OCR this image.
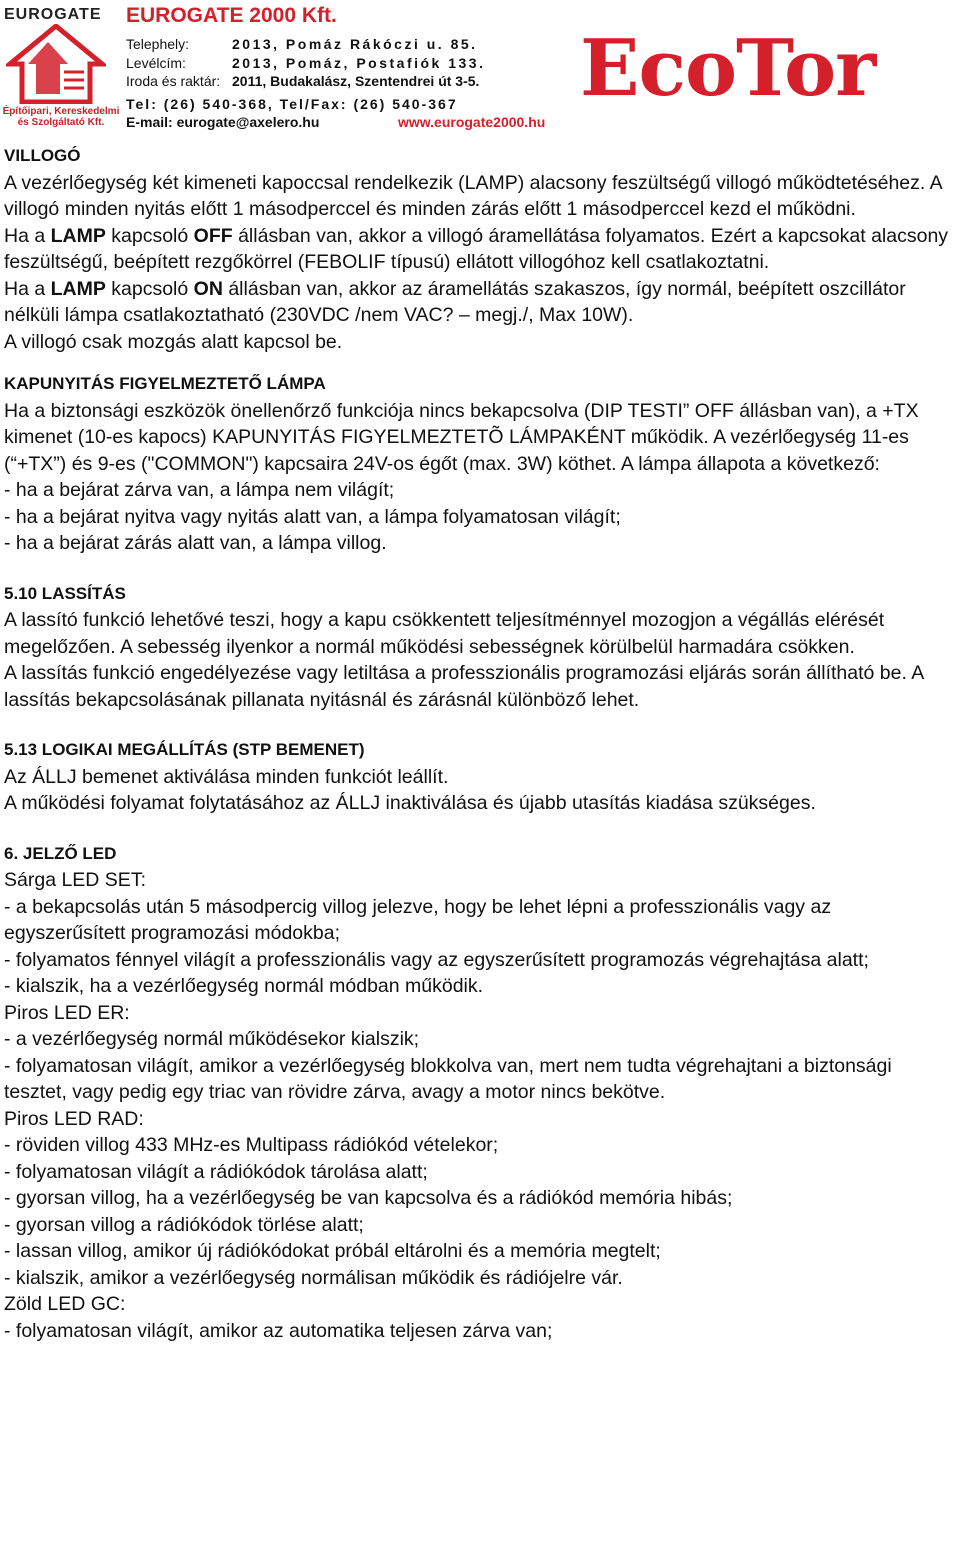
EUROGATE
Építőipari, Kereskedelmi
és Szolgáltató Kft.
EUROGATE 2000 Kft.
Telephely:	2013, Pomáz Rákóczi u. 85.
Levélcím:	2013, Pomáz, Postafiók 133.
Iroda és raktár: 2011, Budakalász, Szentendrei út 3-5.
Tel: (26) 540-368, Tel/Fax: (26) 540-367
E-mail: eurogate@axelero.hu	www.eurogate2000.hu
EcoTor
VILLOGÓ

A vezérlőegység két kimeneti kapoccsal rendelkezik (LAMP) alacsony feszültségű villogó működtetéséhez. A villogó minden nyitás előtt 1 másodperccel és minden zárás előtt 1 másodperccel kezd el működni.

Ha a LAMP kapcsoló OFF állásban van, akkor a villogó áramellátása folyamatos. Ezért a kapcsokat alacsony feszültségű, beépített rezgőkörrel (FEBOLIF típusú) ellátott villogóhoz kell csatlakoztatni.

Ha a LAMP kapcsoló ON állásban van, akkor az áramellátás szakaszos, így normál, beépített oszcillátor nélküli lámpa csatlakoztatható (230VDC /nem VAC? – megj./, Max 10W).

A villogó csak mozgás alatt kapcsol be.

KAPUNYITÁS FIGYELMEZTETŐ LÁMPA

Ha a biztonsági eszközök önellenőrző funkciója nincs bekapcsolva (DIP TESTI” OFF állásban van), a +TX kimenet (10-es kapocs) KAPUNYITÁS FIGYELMEZTETÕ LÁMPAKÉNT működik. A vezérlőegység 11-es (“+TX”) és 9-es ("COMMON") kapcsaira 24V-os égőt (max. 3W) köthet. A lámpa állapota a következő:

- ha a bejárat zárva van, a lámpa nem világít;

- ha a bejárat nyitva vagy nyitás alatt van, a lámpa folyamatosan világít;

- ha a bejárat zárás alatt van, a lámpa villog.

5.10 LASSÍTÁS

A lassító funkció lehetővé teszi, hogy a kapu csökkentett teljesítménnyel mozogjon a végállás elérését megelőzően. A sebesség ilyenkor a normál működési sebességnek körülbelül harmadára csökken.

A lassítás funkció engedélyezése vagy letiltása a professzionális programozási eljárás során állítható be. A lassítás bekapcsolásának pillanata nyitásnál és zárásnál különböző lehet.

5.13 LOGIKAI MEGÁLLÍTÁS (STP BEMENET)

Az ÁLLJ bemenet aktiválása minden funkciót leállít.

A működési folyamat folytatásához az ÁLLJ inaktiválása és újabb utasítás kiadása szükséges.

6. JELZŐ LED

Sárga LED SET:

- a bekapcsolás után 5 másodpercig villog jelezve, hogy be lehet lépni a professzionális vagy az egyszerűsített programozási módokba;

- folyamatos fénnyel világít a professzionális vagy az egyszerűsített programozás végrehajtása alatt;

- kialszik, ha a vezérlőegység normál módban működik.

Piros LED ER:

- a vezérlőegység normál működésekor kialszik;

- folyamatosan világít, amikor a vezérlőegység blokkolva van, mert nem tudta végrehajtani a biztonsági tesztet, vagy pedig egy triac van rövidre zárva, avagy a motor nincs bekötve.

Piros LED RAD:

- röviden villog 433 MHz-es Multipass rádiókód vételekor;

- folyamatosan világít a rádiókódok tárolása alatt;

- gyorsan villog, ha a vezérlőegység be van kapcsolva és a rádiókód memória hibás;

- gyorsan villog a rádiókódok törlése alatt;

- lassan villog, amikor új rádiókódokat próbál eltárolni és a memória megtelt;

- kialszik, amikor a vezérlőegység normálisan működik és rádiójelre vár.

Zöld LED GC:

- folyamatosan világít, amikor az automatika teljesen zárva van;
